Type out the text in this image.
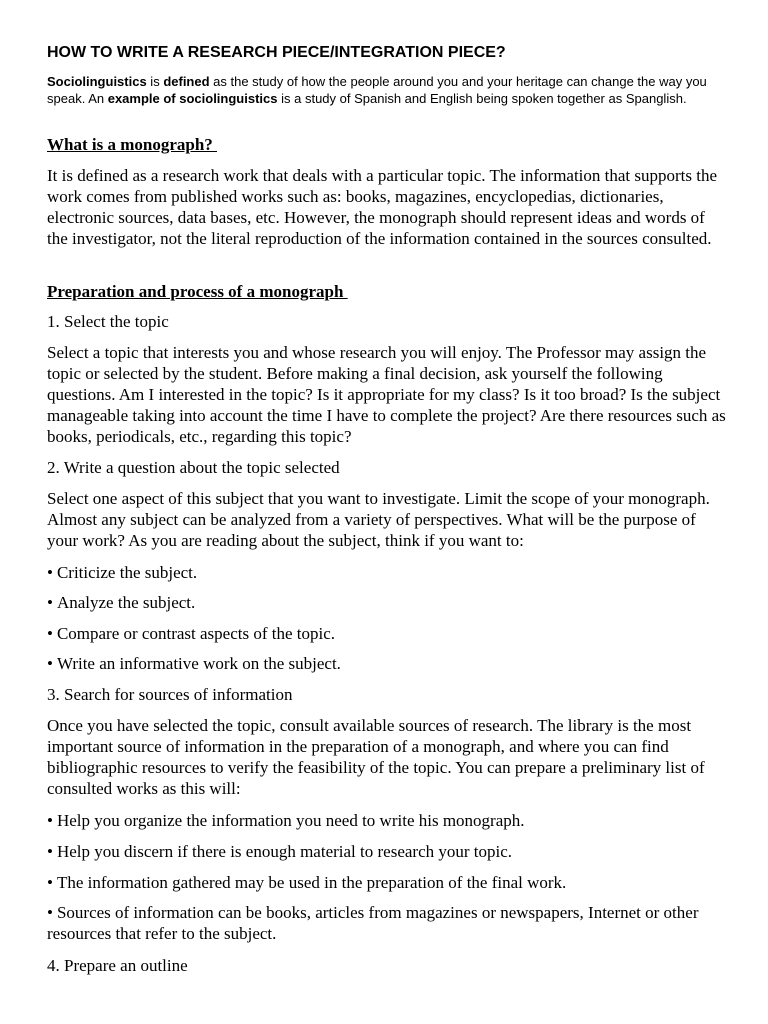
HOW TO WRITE A RESEARCH PIECE/INTEGRATION PIECE?

Sociolinguistics is defined as the study of how the people around you and your heritage can change the way you speak. An example of sociolinguistics is a study of Spanish and English being spoken together as Spanglish.

What is a monograph?

It is defined as a research work that deals with a particular topic. The information that supports the work comes from published works such as: books, magazines, encyclopedias, dictionaries, electronic sources, data bases, etc. However, the monograph should represent ideas and words of the investigator, not the literal reproduction of the information contained in the sources consulted.

Preparation and process of a monograph

1. Select the topic

Select a topic that interests you and whose research you will enjoy. The Professor may assign the topic or selected by the student. Before making a final decision, ask yourself the following questions. Am I interested in the topic? Is it appropriate for my class? Is it too broad? Is the subject manageable taking into account the time I have to complete the project? Are there resources such as books, periodicals, etc., regarding this topic?

2. Write a question about the topic selected

Select one aspect of this subject that you want to investigate. Limit the scope of your monograph. Almost any subject can be analyzed from a variety of perspectives. What will be the purpose of your work? As you are reading about the subject, think if you want to:

• Criticize the subject.

• Analyze the subject.

• Compare or contrast aspects of the topic.

• Write an informative work on the subject.

3. Search for sources of information

Once you have selected the topic, consult available sources of research. The library is the most important source of information in the preparation of a monograph, and where you can find bibliographic resources to verify the feasibility of the topic. You can prepare a preliminary list of consulted works as this will:

• Help you organize the information you need to write his monograph.

• Help you discern if there is enough material to research your topic.

• The information gathered may be used in the preparation of the final work.

• Sources of information can be books, articles from magazines or newspapers, Internet or other resources that refer to the subject.

4. Prepare an outline
